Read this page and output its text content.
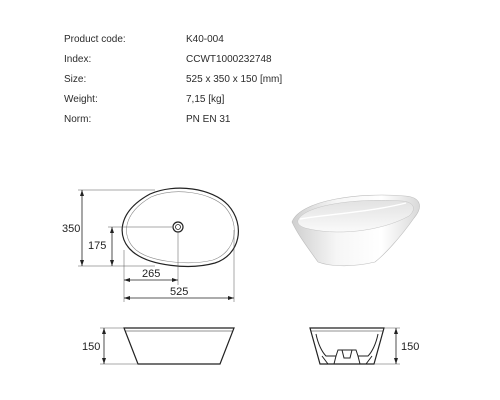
Product code:	K40-004
Index:	CCWT1000232748
Size:	525 x 350 x 150 [mm]
Weight:	7,15 [kg]
Norm:	PN EN 31
350
175
265
525
150	150
